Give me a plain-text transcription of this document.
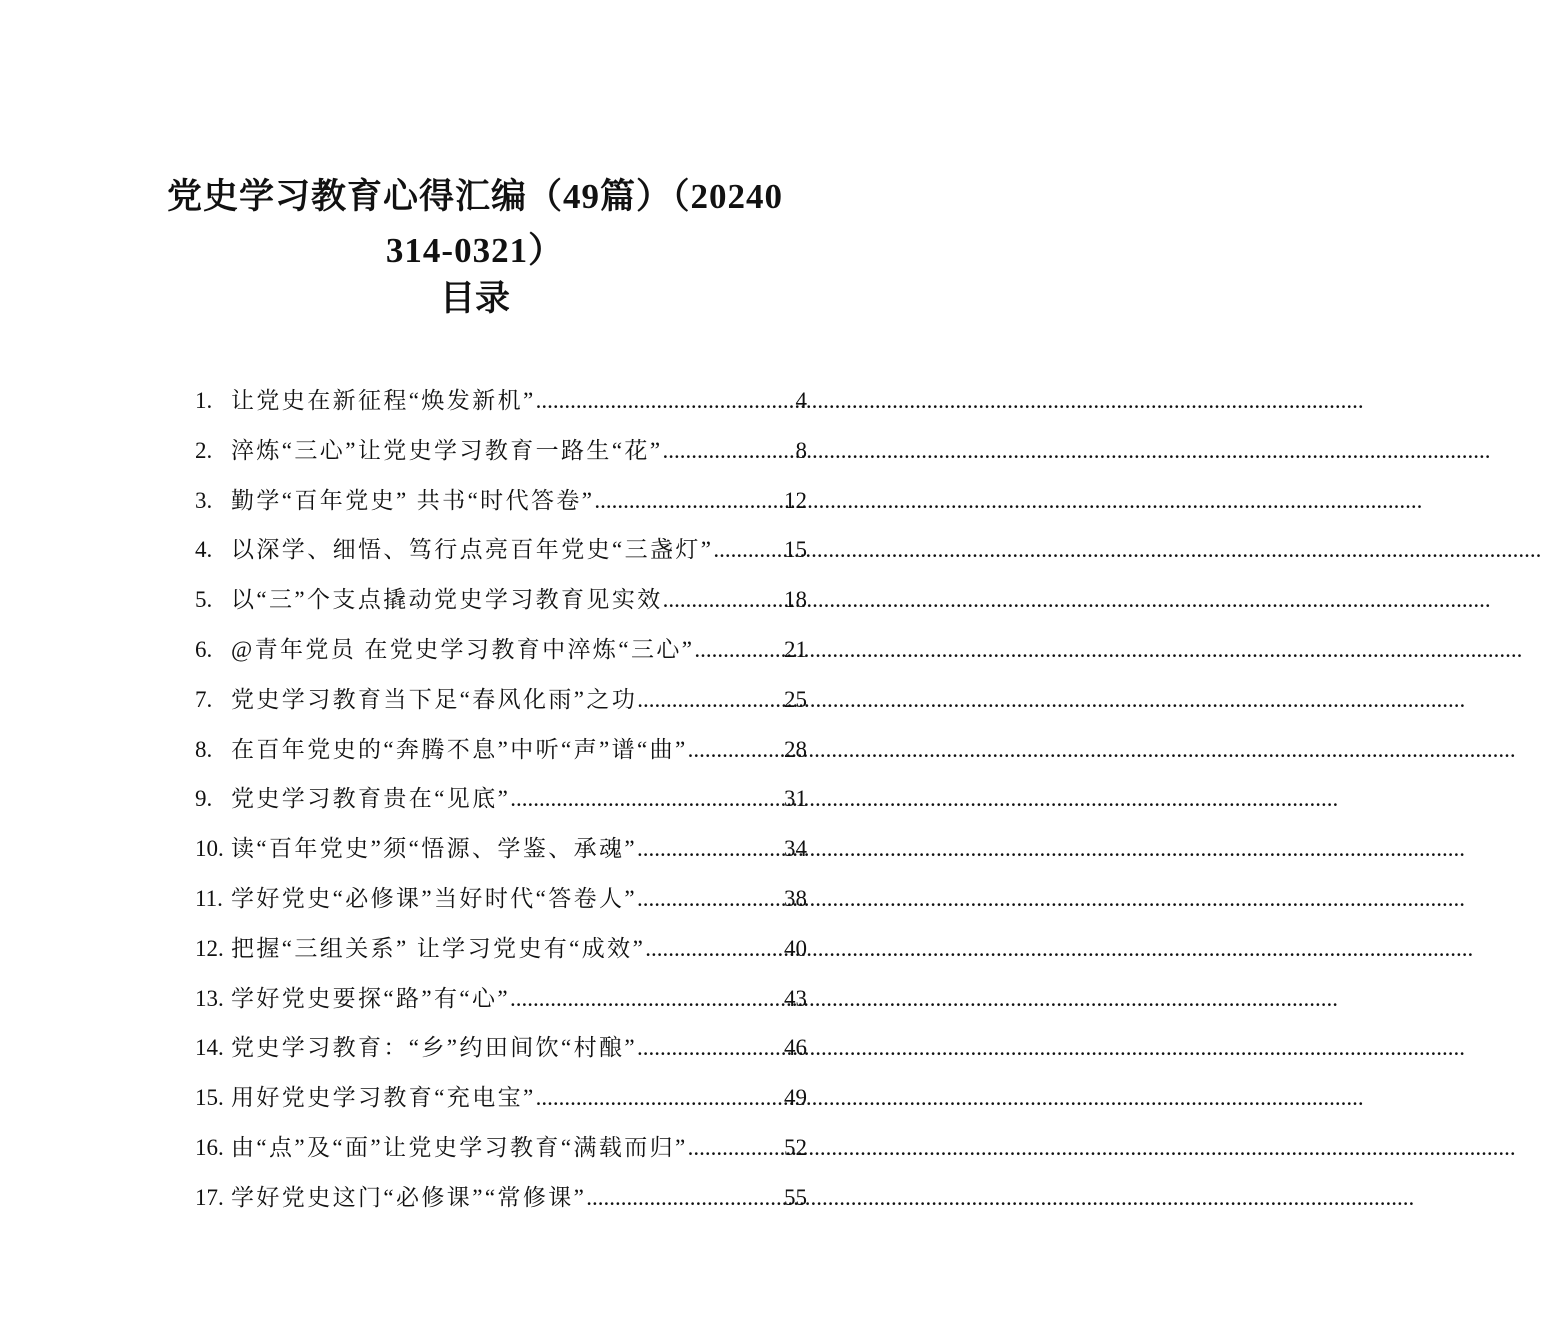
党史学习教育心得汇编（49篇）（20240
314-0321）
目录
1. 让党史在新征程“焕发新机” .....	4
2. 淬炼“三心”让党史学习教育一路生“花” .....	8
3. 勤学“百年党史” 共书“时代答卷” .....	12
4. 以深学、细悟、笃行点亮百年党史“三盏灯” .....	15
5. 以“三”个支点撬动党史学习教育见实效 .....	18
6. @青年党员 在党史学习教育中淬炼“三心” .....	21
7. 党史学习教育当下足“春风化雨”之功 .....	25
8. 在百年党史的“奔腾不息”中听“声”谱“曲” .....	28
9. 党史学习教育贵在“见底” .....	31
10. 读“百年党史”须“悟源、学鉴、承魂” .....	34
11. 学好党史“必修课”当好时代“答卷人” .....	38
12. 把握“三组关系” 让学习党史有“成效” .....	40
13. 学好党史要探“路”有“心” .....	43
14. 党史学习教育：“乡”约田间饮“村酿” .....	46
15. 用好党史学习教育“充电宝” .....	49
16. 由“点”及“面”让党史学习教育“满载而归” .....	52
17. 学好党史这门“必修课”“常修课” .....	55
